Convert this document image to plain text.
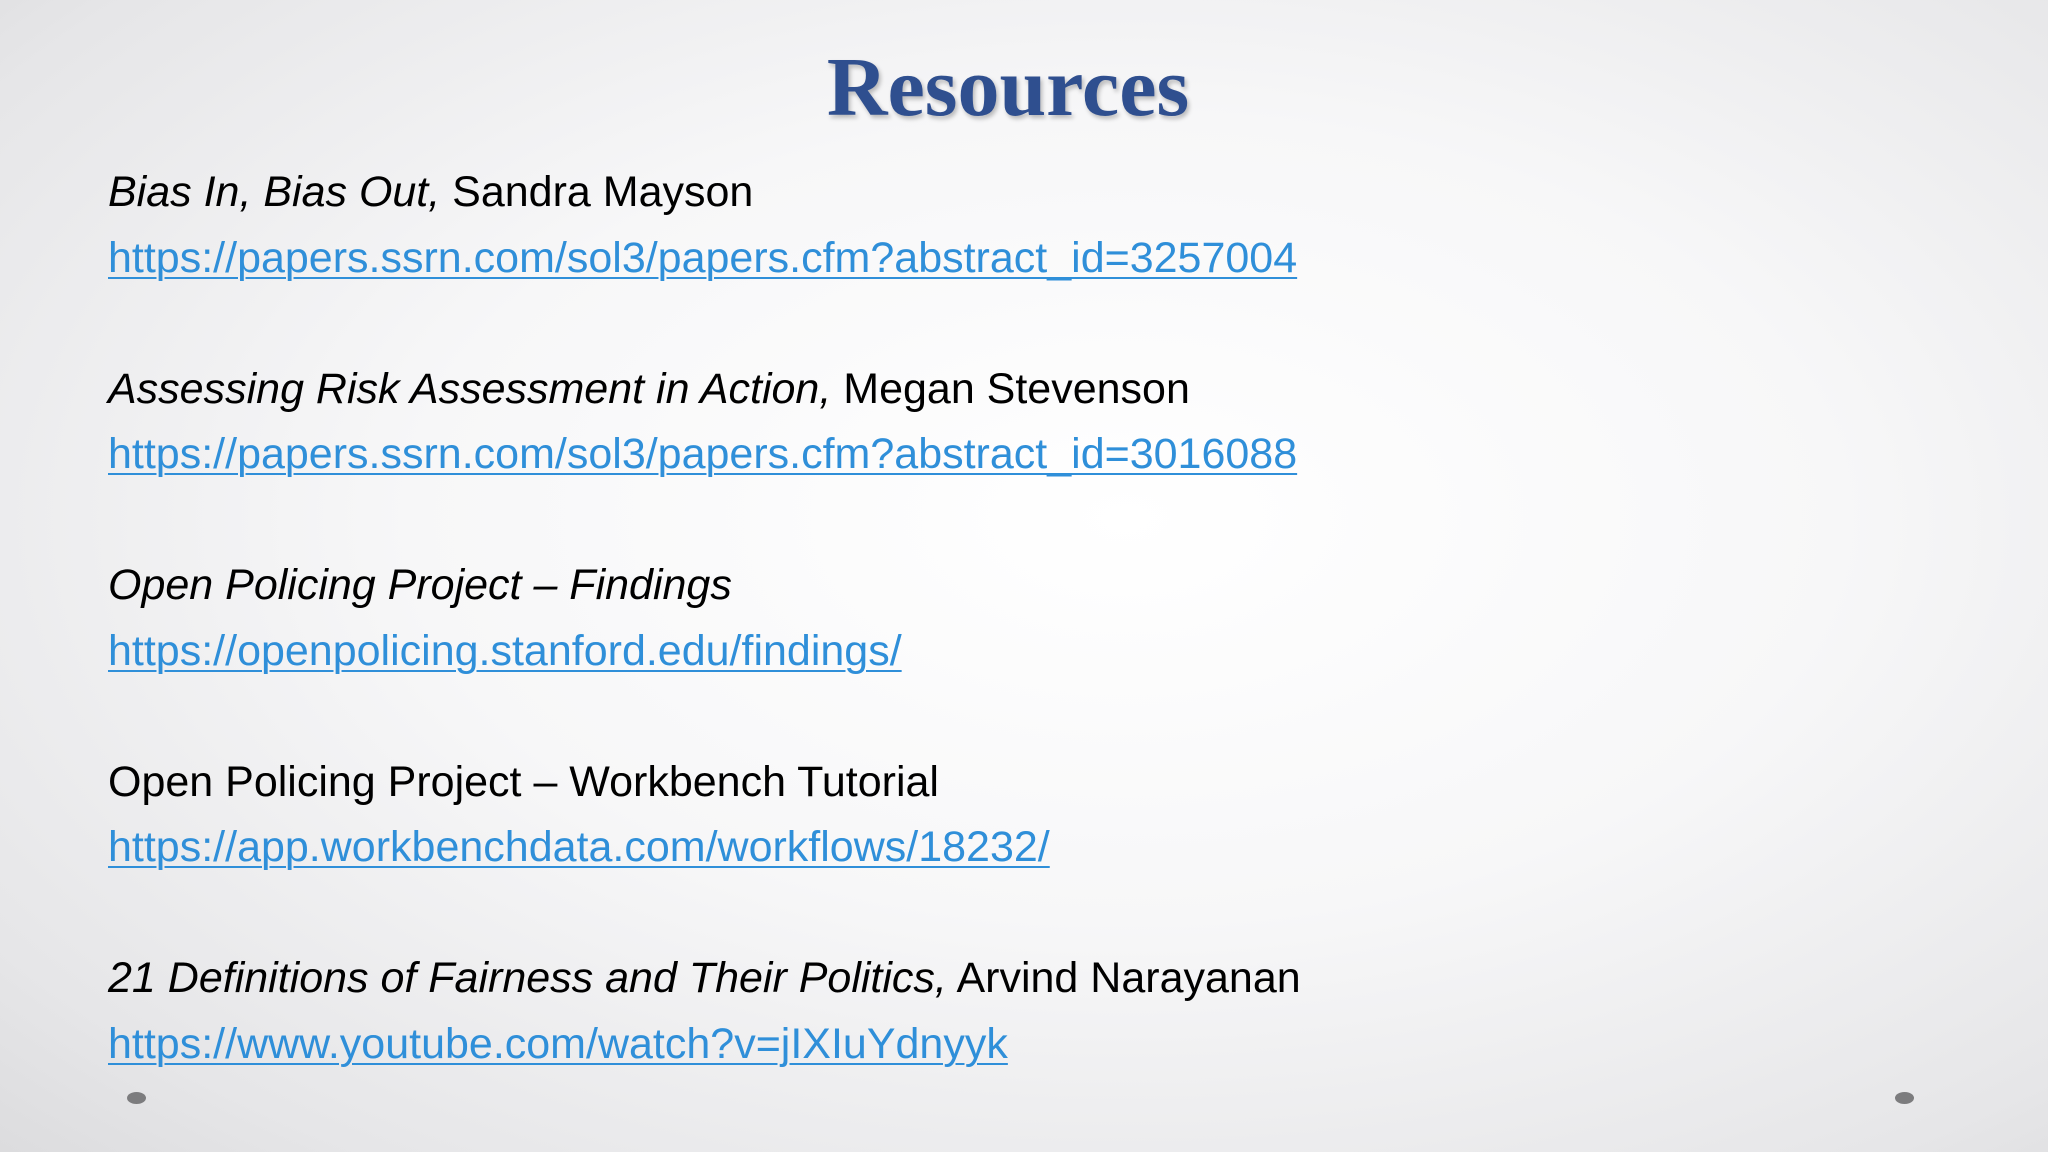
Resources
Bias In, Bias Out, Sandra Mayson
https://papers.ssrn.com/sol3/papers.cfm?abstract_id=3257004
Assessing Risk Assessment in Action, Megan Stevenson
https://papers.ssrn.com/sol3/papers.cfm?abstract_id=3016088
Open Policing Project – Findings
https://openpolicing.stanford.edu/findings/
Open Policing Project – Workbench Tutorial
https://app.workbenchdata.com/workflows/18232/
21 Definitions of Fairness and Their Politics, Arvind Narayanan
https://www.youtube.com/watch?v=jIXIuYdnyyk
